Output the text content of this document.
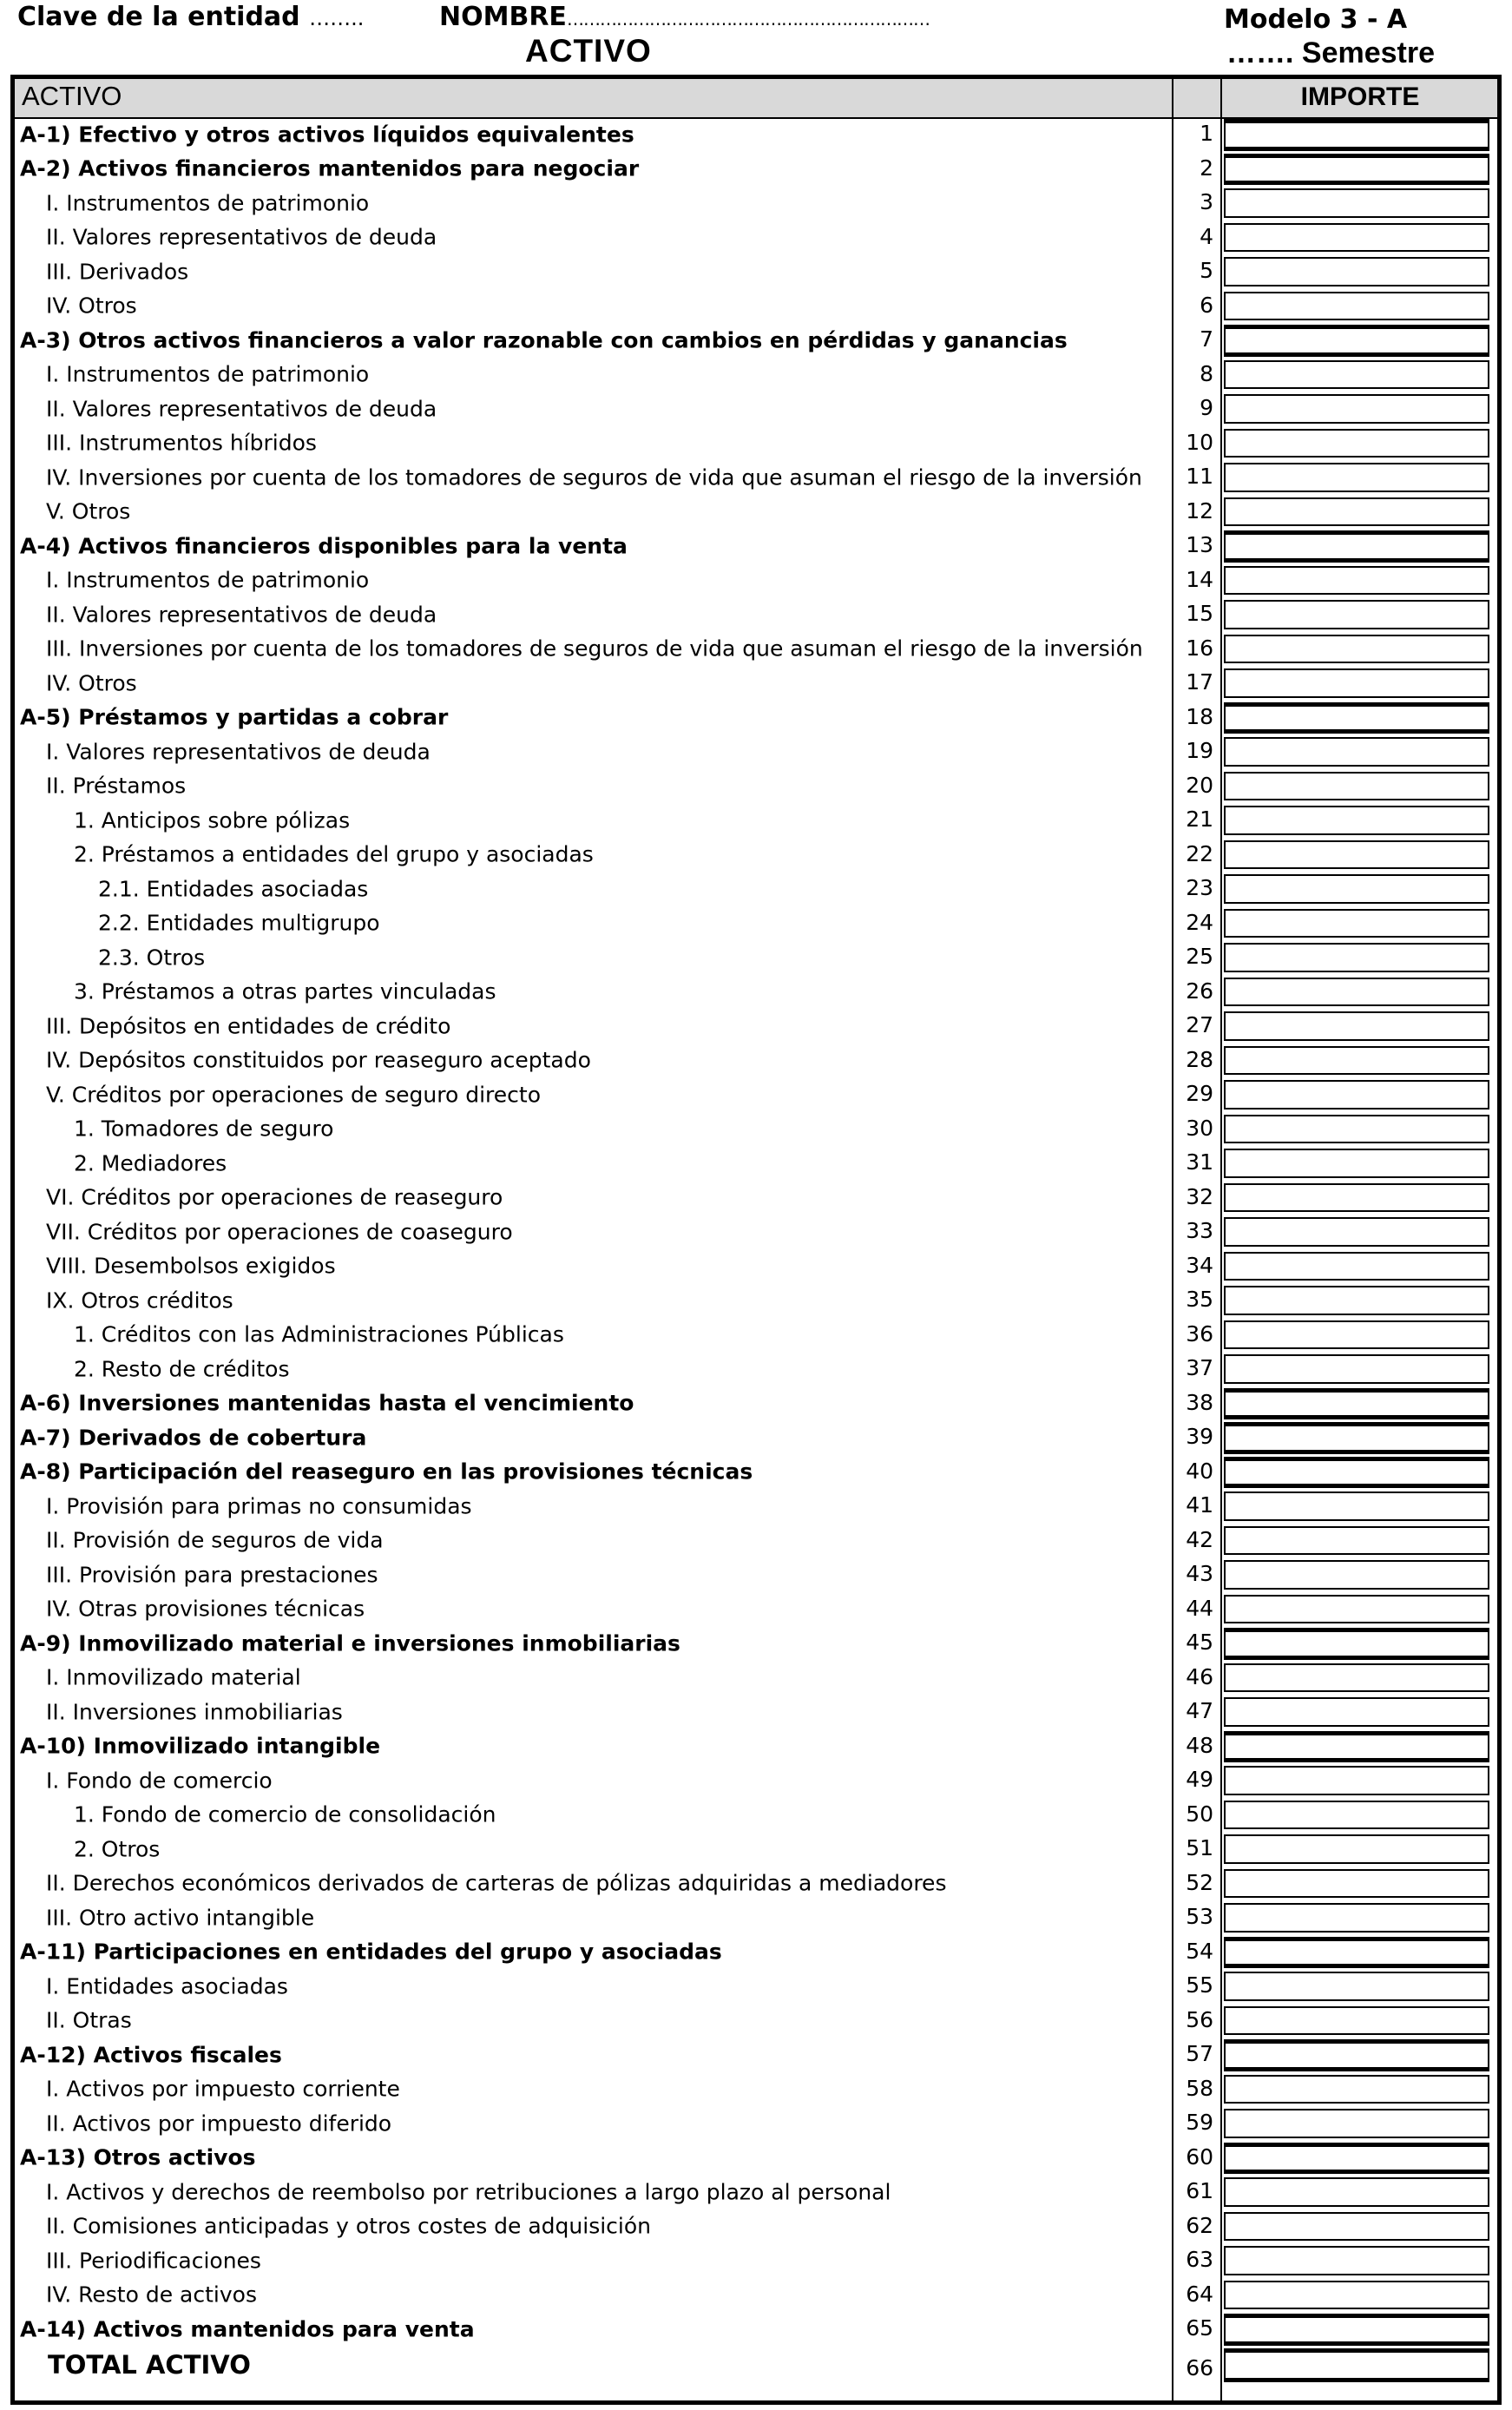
Clave de la entidad ……..	NOMBRE…………………………………………………………	Modelo 3 - A
ACTIVO	……. Semestre
ACTIVO	IMPORTE
A-1) Efectivo y otros activos líquidos equivalentes	1
A-2) Activos financieros mantenidos para negociar	2
I. Instrumentos de patrimonio	3
II. Valores representativos de deuda	4
III. Derivados	5
IV. Otros	6
A-3) Otros activos financieros a valor razonable con cambios en pérdidas y ganancias	7
I. Instrumentos de patrimonio	8
II. Valores representativos de deuda	9
III. Instrumentos híbridos	10
IV. Inversiones por cuenta de los tomadores de seguros de vida que asuman el riesgo de la inversión	11
V. Otros	12
A-4) Activos financieros disponibles para la venta	13
I. Instrumentos de patrimonio	14
II. Valores representativos de deuda	15
III. Inversiones por cuenta de los tomadores de seguros de vida que asuman el riesgo de la inversión	16
IV. Otros	17
A-5) Préstamos y partidas a cobrar	18
I. Valores representativos de deuda	19
II. Préstamos	20
1. Anticipos sobre pólizas	21
2. Préstamos a entidades del grupo y asociadas	22
2.1. Entidades asociadas	23
2.2. Entidades multigrupo	24
2.3. Otros	25
3. Préstamos a otras partes vinculadas	26
III. Depósitos en entidades de crédito	27
IV. Depósitos constituidos por reaseguro aceptado	28
V. Créditos por operaciones de seguro directo	29
1. Tomadores de seguro	30
2. Mediadores	31
VI. Créditos por operaciones de reaseguro	32
VII. Créditos por operaciones de coaseguro	33
VIII. Desembolsos exigidos	34
IX. Otros créditos	35
1. Créditos con las Administraciones Públicas	36
2. Resto de créditos	37
A-6) Inversiones mantenidas hasta el vencimiento	38
A-7) Derivados de cobertura	39
A-8) Participación del reaseguro en las provisiones técnicas	40
I. Provisión para primas no consumidas	41
II. Provisión de seguros de vida	42
III. Provisión para prestaciones	43
IV. Otras provisiones técnicas	44
A-9) Inmovilizado material e inversiones inmobiliarias	45
I. Inmovilizado material	46
II. Inversiones inmobiliarias	47
A-10) Inmovilizado intangible	48
I. Fondo de comercio	49
1. Fondo de comercio de consolidación	50
2. Otros	51
II. Derechos económicos derivados de carteras de pólizas adquiridas a mediadores	52
III. Otro activo intangible	53
A-11) Participaciones en entidades del grupo y asociadas	54
I. Entidades asociadas	55
II. Otras	56
A-12) Activos fiscales	57
I. Activos por impuesto corriente	58
II. Activos por impuesto diferido	59
A-13) Otros activos	60
I. Activos y derechos de reembolso por retribuciones a largo plazo al personal	61
II. Comisiones anticipadas y otros costes de adquisición	62
III. Periodificaciones	63
IV. Resto de activos	64
A-14) Activos mantenidos para venta	65
TOTAL ACTIVO	66
